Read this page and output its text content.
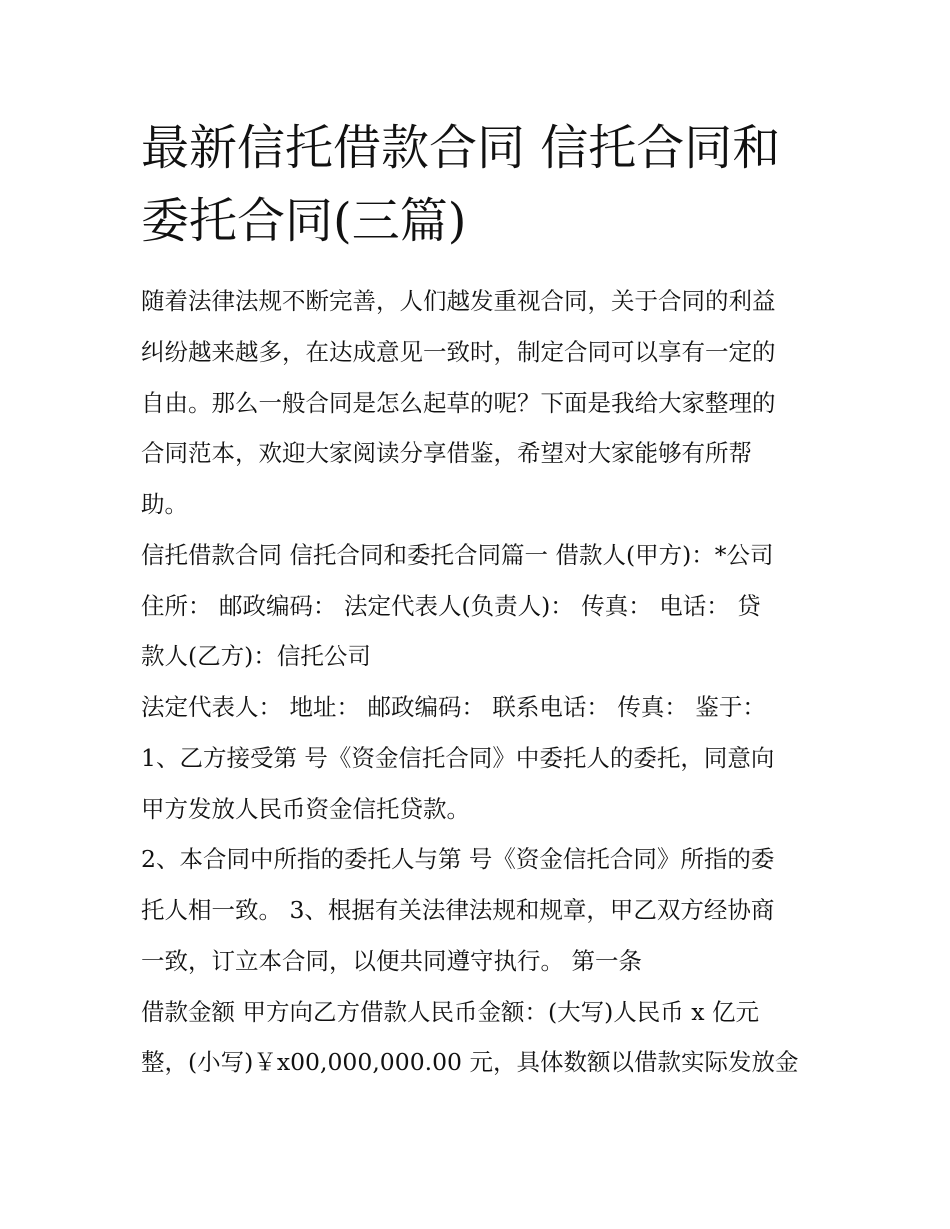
最新信托借款合同 信托合同和
委托合同(三篇)

随着法律法规不断完善，人们越发重视合同，关于合同的利益

纠纷越来越多，在达成意见一致时，制定合同可以享有一定的

自由。那么一般合同是怎么起草的呢？下面是我给大家整理的

合同范本，欢迎大家阅读分享借鉴，希望对大家能够有所帮

助。

信托借款合同 信托合同和委托合同篇一 借款人(甲方)：*公司

住所： 邮政编码： 法定代表人(负责人)： 传真： 电话： 贷

款人(乙方)：信托公司

法定代表人： 地址： 邮政编码： 联系电话： 传真： 鉴于：

1、乙方接受第 号《资金信托合同》中委托人的委托，同意向

甲方发放人民币资金信托贷款。

2、本合同中所指的委托人与第 号《资金信托合同》所指的委

托人相一致。 3、根据有关法律法规和规章，甲乙双方经协商

一致，订立本合同，以便共同遵守执行。 第一条

借款金额 甲方向乙方借款人民币金额：(大写)人民币 x 亿元

整，(小写)￥x00,000,000.00 元，具体数额以借款实际发放金
